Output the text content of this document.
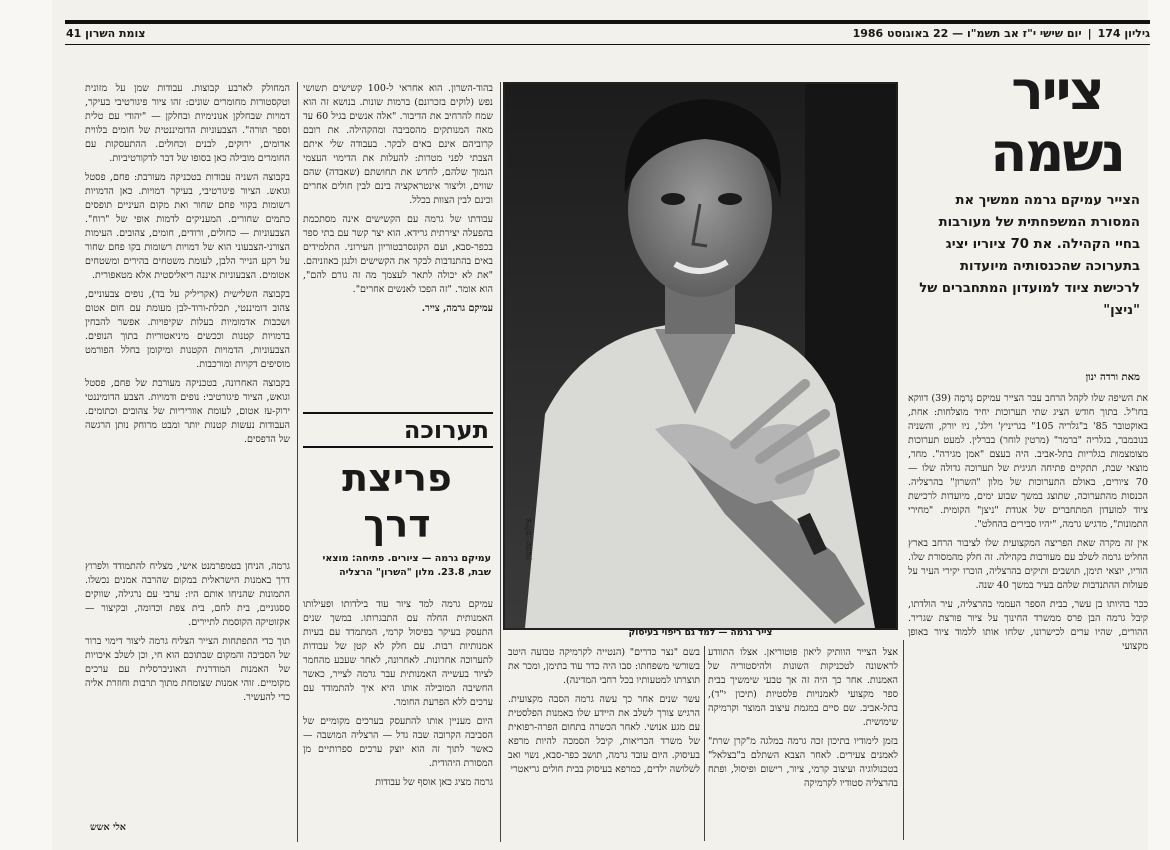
גיליון 174|יום שישי י"ז אב תשמ"ו — 22 באוגוסט 1986
צומת השרון 41
צייר נשמה
הצייר עמיקם גרמה ממשיך את המסורת המשפחתית של מעורבות בחיי הקהילה. את 70 ציוריו יציג בתערוכה שהכנסותיה מיועדות לרכישת ציוד למועדון המתחברים של "ניצן"
מאת ורדה ינון

את השיפה שלו לקהל הרחב עבר הצייר עמיקם גְרמָה (39) דווקא בחו"ל. בתוך חודש הציג שתי תערוכות יחיד מוצלחות: אחת, באוקטובר 85' ב"גלריה 105" בגריניץ' וילג', ניו יורק, והשניה בנובמבר, בגלריה "ברמר" (מרטין לוחר) בברלין. למעט תערוכות מצומצמות בגלריות בתל-אביב. היה בעצם "אמן מגירה". מחר, מוצאי שבת, תתקיים פתיחה חגיגית של תערוכה גדולה שלו — 70 ציורים, באולם התערוכות של מלון "השרון" בהרצליה. הכנסות מהתערוכה, שתוצג במשך שבוע ימים, מיועדות לרכישת ציוד למועדון המתחברים של אגודת "ניצן" הקומית. "מחירי התמונות", מדגיש גרמה, "יהיו סבירים בהחלט".

אין זה מקרה שאת הפריצה המקצועית שלו לציבור הרחב בארץ החליט גרמה לשלב עם מעורבות בקהילה. זה חלק מהמסורת שלו. הוריו, יוצאי תימן, תושבים ותיקים בהרצליה, הוכרו יקירי העיר על פעולות ההתנדבות שלהם בעיר במשך 40 שנה.

ככר בהיותו בן עשר, בבית הספר העממי בהרצליה, עיר הולדתו, קיבל גרמה הבן פרס ממשרד החינוך על ציור פורצת שגריר. ההורים, שהיו ערים לכישרונו, שלחו אותו ללמוד ציור באופן מקצועי

צילום: שמעון
צייר גרמה — למד גם ריפוי בעיסוק

אצל הצייר הוותיק ליאון פוטוריאן. אצלו התוודע לראשונה לטכניקות השונות ולהיסטוריה של האמנות. אחר כך היה זה אך טבעי שימשיך בבית ספר מקצועי לאמנויות פלסטיות (תיכון י"ד), בתל-אביב. שם סיים במגמת עיצוב המוצר וקרמיקה שימושית.

בזמן לימודיו בתיכון זכה גרמה במלגה מ"קרן שרת" לאמנים צעירים. לאחר הצבא השתלם ב"בצלאל" בטכנולוגיה ועיצוב קרמי, ציור, רישום ופיסול, ופתח בהרצליה סטודיו לקרמיקה

בשם "נצר כדרים" (הנטייה לקרמיקה טבועה היטב בשורשי משפחתו: סבו היה כדר עוד בתימן, ומכר את תוצרתו למטעותיו בכל רחבי המדינה).

עשר שנים אחר כך עשה גרמה הסבה מקצועית. הרגיש צורך לשלב את היידע שלו באמנות הפלסטית עם מגע אנושי. לאחר הכשרה בתחום הפרה-רפואית של משרד הבריאות, קיבל הסמכה להיות מרפא בעיסוק. היום עובד גרמה, תושב כפר-סבא, נשוי ואב לשלושה ילדים, כמרפא בעיסוק בבית חולים גריאטרי

בהוד-השרון. הוא אחראי ל-100 קשישים תשושי נפש (לוקים בזכרונם) ברמות שונות. בנושא זה הוא שמח להרחיב את הדיבור. "אלה אנשים בגיל 60 עד מאה המנותקים מהסביבה ומהקהילה. את רובם קרוביהם אינם באים לבקר. בעבודה שלי איתם הצבתי לפני מטרות: להעלות את הדימוי העצמי הנמוך שלהם, לחדש את תחושתם (שאבדה) שהם שווים, וליצור אינטראקציה בינם לבין חולים אחרים וכינם לבין הצוות בכלל.

עבודתו של גרמה עם הקשישים אינה מסתכמת בהפעלה יצירתית גרידא. הוא יצר קשר עם בתי ספר בכפר-סבא, ועם הקונסרבטוריון העירוני. התלמידים באים בהתנדבות לבקר את הקשישים ולנגן באוזניהם. "את לא יכולה לתאר לעצמך מה זה גורם להם", הוא אומר. "זה הפכו לאנשים אחרים".

עמיקם גרמה, צייר.

תערוכה
פריצת דרך
עמיקם גרמה — ציורים. פתיחה: מוצאי שבת, 23.8. מלון "השרון" הרצליה

עמיקם גרמה למד ציור עוד בילדותו ופעילותו האמנותית החלה עם התבגרותו. במשך שנים התעסק בעיקר בפיסול קרמי, המתמדד עם בעיות אמנותיות רבות. עם חלק לא קטן של עבודות לתערוכה אחרונות. לאחרונה, לאחר שעבע מהחמר לציור בעשייה האמנותית עבר גרמה לצייר, כאשר החשיבה המובילה אותו היא איך להתמודד עם ערכים ללא הפרעת החומר.

היום מעניין אותו להתעסק בערכים מקומיים של הסביבה הקרובה שבה גדל — הרצליה המושבה — כאשר לתוך זה הוא יוצק ערכים ספרותיים מן המסורת היהודית.

גרמה מציג כאן אוסף של עבודות

המחולק לארבע קבוצות. עבודות שמן על מזונית וטקסטורות מחומרים שונים: זהו ציור פיגורטיבי בעיקר, דמויות שבחלקן אנונימיות ובחלקן — "יהודי עם טלית וספר תורה". הצבעוניות הדומיננטית של חומים בלווית אדומים, ירוקים, לבנים וכחולים. ההתעסקות עם החומרים מובילה כאן בסופו של דבר לדקורטיביות.

בקבוצה השניה עבודות בטכניקה מעורבת: פחם, פסטל וגואש. הציור פיגורטיבי, בעיקר דמויות. כאן הדמויות רשומות בקווי פחם שחור ואת מקום העיניים תופסים כתמים שחורים. המעניקים לדמות אופי של "רוח". הצבעוניות — כחולים, ורודים, חומים, צהובים. העימות הצורני-הצבעוני הוא של דמויות רשומות בקו פחם שחור על רקע הנייר הלבן, לעומת משטחים בהירים ומשטחים אטומים. הצבעוניות איננה ריאליסטית אלא מטאפורית.

בקבוצה השלישית (אקריליק על בד), נופים צבעוניים, צהוב דומיננטי, תכלת-ורוד-לבן מעומת עם חום אטום ושכבות אדמומיות בעלות שקיפויות. אפשר להבחין בדמויות קטנות וככשים מיניאטוריות בתוך הנופים. הצבעוניות, הדמויות הקטנות ומיקומן בחלל הפורמט מוסיפים דקויות ומורכבות.

בקבוצה האחרונה, בטכניקה מעורבת של פחם, פסטל וגואש, הציור פיגורטיבי: נופים ודמויות. הצבע הדומיננטי ירוק-עז אטום, לעומת אווריריות של צהובים וכתומים. העבודות נעשות קטנות יותר ומבט מרוחק נותן הרגשה של הדפסים.

גרמה, הניחן בטמפרמנט אישי, מצליח להתמודד ולפרוץ דרך באמנות הישראלית במקום שהרבה אמנים נכשלו. התמונות שהניחו אותם היו: ערבי עם נרגילה, שווקים ססגוניים, בית לחם, בית צפת וכדומה, ובקיצור — אקזוטיקה הקוסמת לתיירים.

תוך כדי התפתחות הצייר הצליח גרמה ליצור דימוי ברור של הסביבה והמקום שבתוכם הוא חי, וכן לשלב איכויות של האמנות המודרנית האוניברסלית עם ערכים מקומיים. זוהי אמנות שצומחת מתוך תרבות וחוזרת אליה כדי להעשיר.

אלי אשש
